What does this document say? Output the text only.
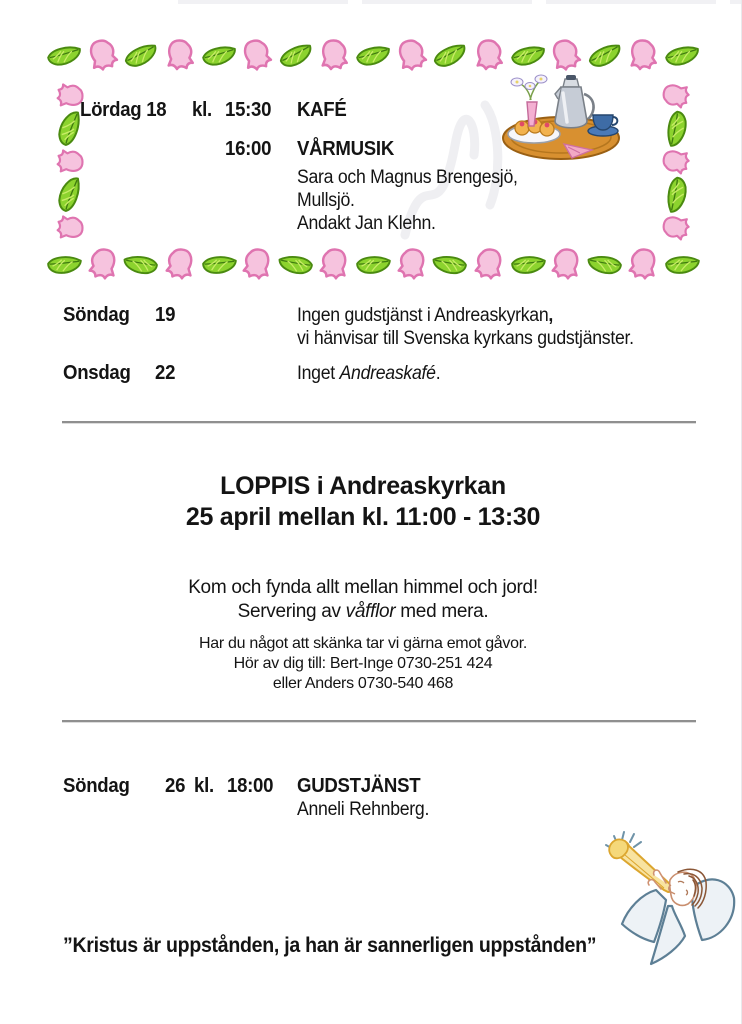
Lördag 18	kl. 15:30 KAFÉ
16:00 VÅRMUSIK
Sara och Magnus Brengesjö,
Mullsjö.
Andakt Jan Klehn.
Söndag 19	Ingen gudstjänst i Andreaskyrkan,
vi hänvisar till Svenska kyrkans gudstjänster.
Onsdag 22	Inget Andreaskafé.
LOPPIS i Andreaskyrkan
25 april mellan kl. 11:00 - 13:30
Kom och fynda allt mellan himmel och jord!
Servering av våfflor med mera.
Har du något att skänka tar vi gärna emot gåvor.
Hör av dig till: Bert-Inge 0730-251 424
eller Anders 0730-540 468
Söndag 26 kl. 18:00 GUDSTJÄNST
Anneli Rehnberg.
”Kristus är uppstånden, ja han är sannerligen uppstånden”
